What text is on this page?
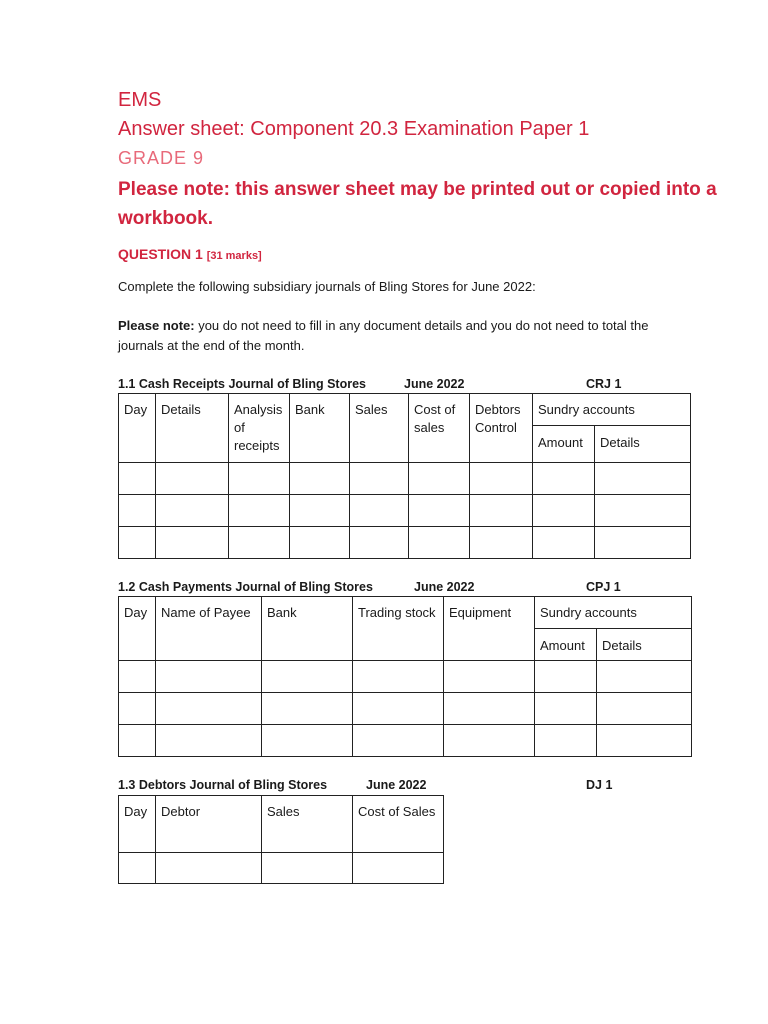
EMS
Answer sheet: Component 20.3 Examination Paper 1
GRADE 9
Please note: this answer sheet may be printed out or copied into a workbook.
QUESTION 1 [31 marks]
Complete the following subsidiary journals of Bling Stores for June 2022:
Please note: you do not need to fill in any document details and you do not need to total the journals at the end of the month.
1.1 Cash Receipts Journal of Bling Stores	June 2022	CRJ 1
Day	Details	Analysis of receipts	Bank	Sales	Cost of sales	Debtors Control	Sundry accounts	
							Amount	Details

1.2 Cash Payments Journal of Bling Stores	June 2022	CPJ 1
Day	Name of Payee	Bank	Trading stock	Equipment	Sundry accounts	
					Amount	Details

1.3 Debtors Journal of Bling Stores	June 2022	DJ 1
Day	Debtor	Sales	Cost of Sales
